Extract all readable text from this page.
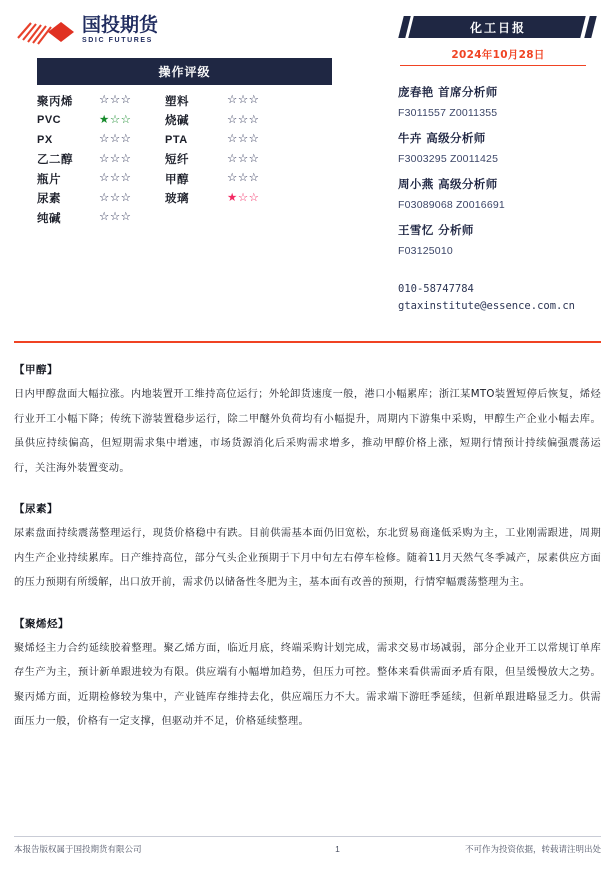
国投期货
SDIC FUTURES
操作评级
聚丙烯	☆☆☆	塑料	☆☆☆
PVC	★☆☆	烧碱	☆☆☆
PX	☆☆☆	PTA	☆☆☆
乙二醇	☆☆☆	短纤	☆☆☆
瓶片	☆☆☆	甲醇	☆☆☆
尿素	☆☆☆	玻璃	★☆☆
纯碱	☆☆☆
化工日报
2024年10月28日
庞春艳 首席分析师
F3011557 Z0011355
牛卉 高级分析师
F3003295 Z0011425
周小燕 高级分析师
F03089068 Z0016691
王雪忆 分析师
F03125010
010-58747784
gtaxinstitute@essence.com.cn
【甲醇】
日内甲醇盘面大幅拉涨。内地装置开工维持高位运行；外轮卸货速度一般，港口小幅累库；浙江某MTO装置短停后恢复，烯烃行业开工小幅下降；传统下游装置稳步运行，除二甲醚外负荷均有小幅提升，周期内下游集中采购，甲醇生产企业小幅去库。虽供应持续偏高，但短期需求集中增速，市场货源消化后采购需求增多，推动甲醇价格上涨，短期行情预计持续偏强震荡运行，关注海外装置变动。
【尿素】
尿素盘面持续震荡整理运行，现货价格稳中有跌。目前供需基本面仍旧宽松，东北贸易商逢低采购为主，工业刚需跟进，周期内生产企业持续累库。日产维持高位，部分气头企业预期于下月中旬左右停车检修。随着11月天然气冬季减产，尿素供应方面的压力预期有所缓解，出口放开前，需求仍以储备性冬肥为主，基本面有改善的预期，行情窄幅震荡整理为主。
【聚烯烃】
聚烯烃主力合约延续胶着整理。聚乙烯方面，临近月底，终端采购计划完成，需求交易市场减弱，部分企业开工以常规订单库存生产为主，预计新单跟进较为有限。供应端有小幅增加趋势，但压力可控。整体来看供需面矛盾有限，但呈缓慢放大之势。聚丙烯方面，近期检修较为集中，产业链库存维持去化，供应端压力不大。需求端下游旺季延续，但新单跟进略显乏力。供需面压力一般，价格有一定支撑，但驱动并不足，价格延续整理。
本报告版权属于国投期货有限公司	1	不可作为投资依据，转载请注明出处
